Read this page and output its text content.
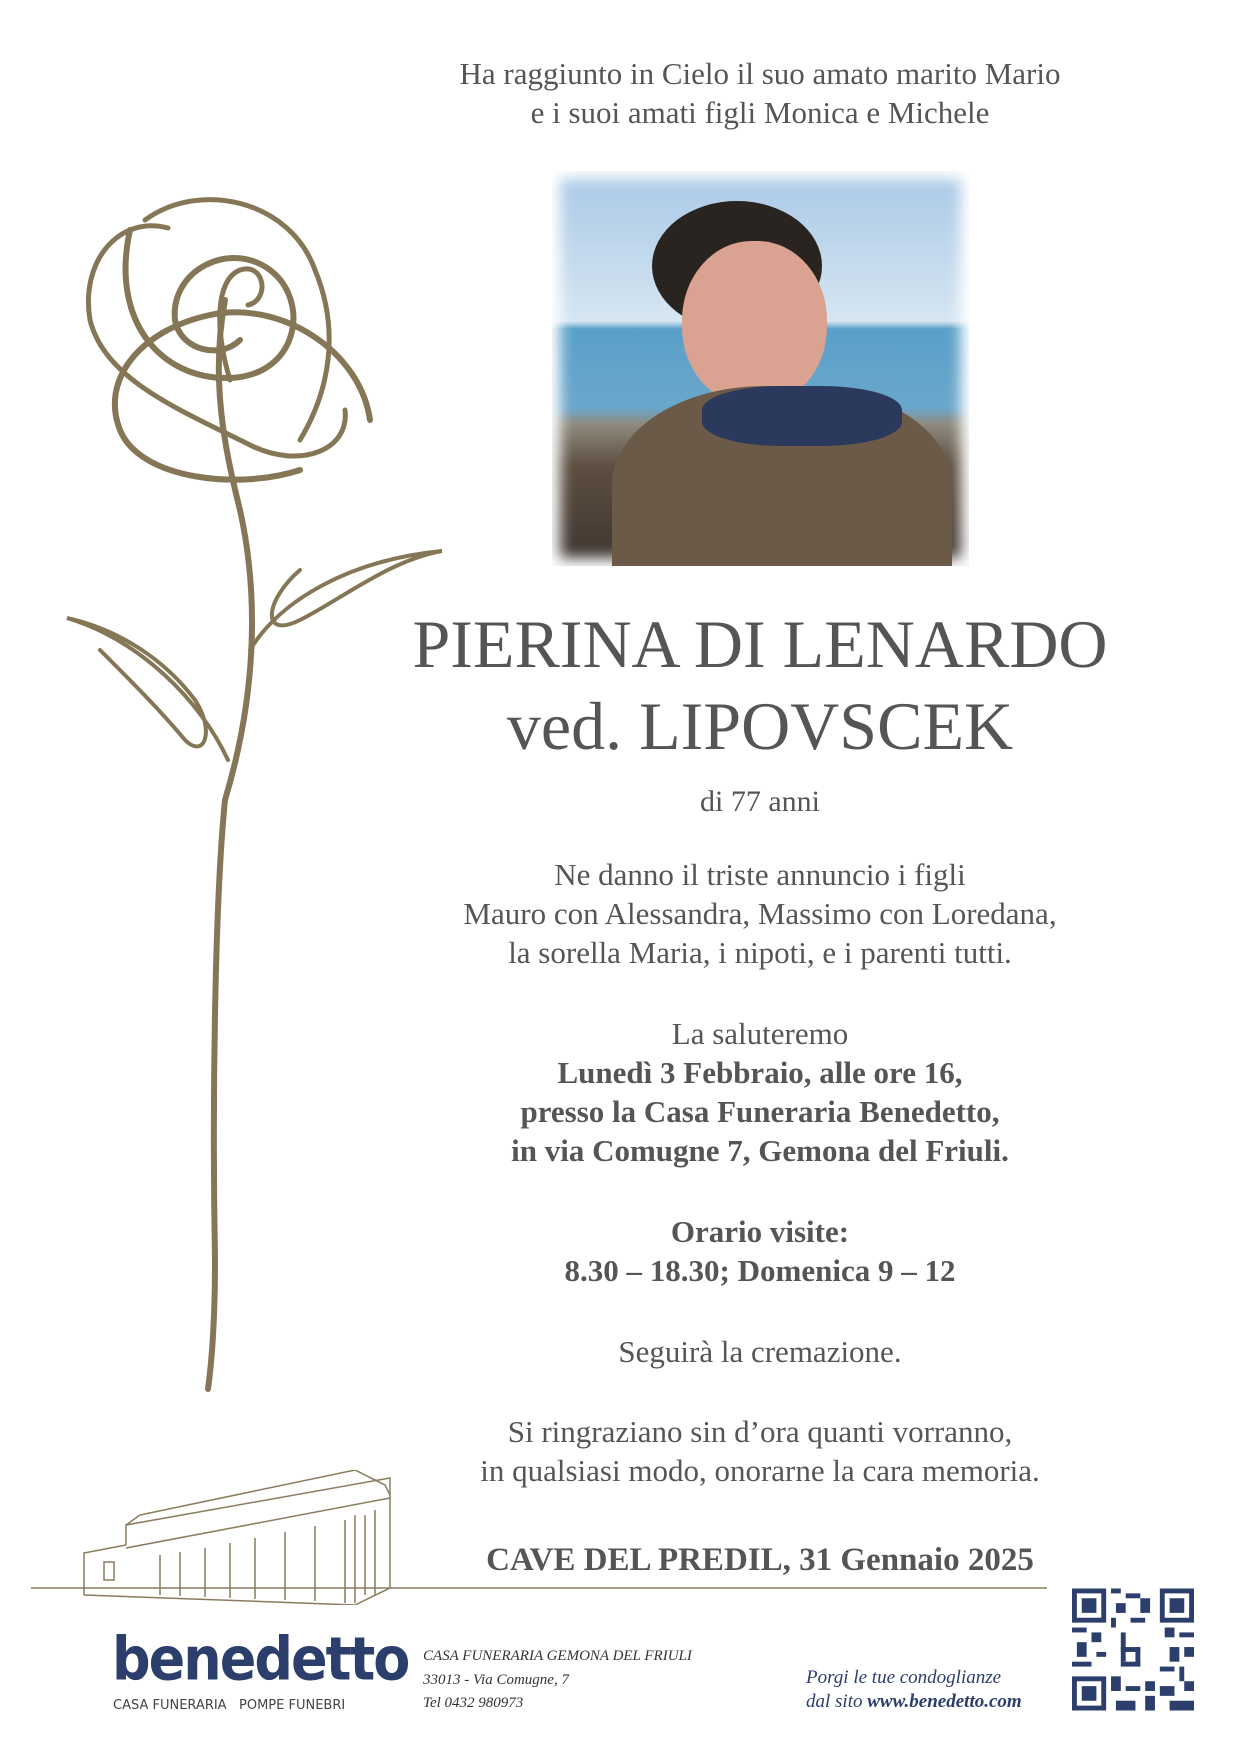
Ha raggiunto in Cielo il suo amato marito Mario
e i suoi amati figli Monica e Michele
PIERINA DI LENARDO
ved. LIPOVSCEK
di 77 anni
Ne danno il triste annuncio i figli
Mauro con Alessandra, Massimo con Loredana,
la sorella Maria, i nipoti, e i parenti tutti.
La saluteremo
Lunedì 3 Febbraio, alle ore 16,
presso la Casa Funeraria Benedetto,
in via Comugne 7, Gemona del Friuli.
Orario visite:
8.30 – 18.30; Domenica 9 – 12
Seguirà la cremazione.
Si ringraziano sin d’ora quanti vorranno,
in qualsiasi modo, onorarne la cara memoria.
CAVE DEL PREDIL, 31 Gennaio 2025
benedetto
CASA FUNERARIA POMPE FUNEBRI
CASA FUNERARIA GEMONA DEL FRIULI
33013 - Via Comugne, 7
Tel 0432 980973
Porgi le tue condoglianze
dal sito www.benedetto.com
